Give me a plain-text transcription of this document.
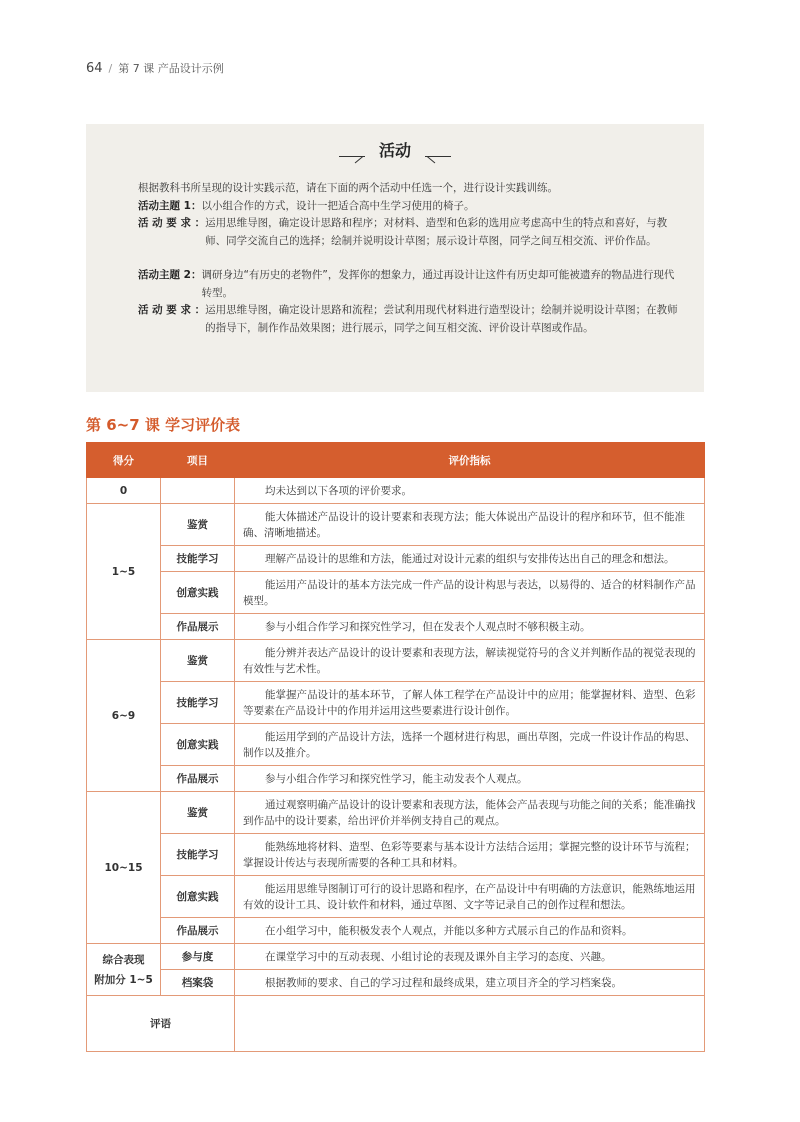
64 / 第 7 课 产品设计示例
活动
根据教科书所呈现的设计实践示范，请在下面的两个活动中任选一个，进行设计实践训练。
活动主题 1： 以小组合作的方式，设计一把适合高中生学习使用的椅子。
活 动 要 求 ： 运用思维导图，确定设计思路和程序；对材料、造型和色彩的选用应考虑高中生的特点和喜好，与教师、同学交流自己的选择；绘制并说明设计草图；展示设计草图，同学之间互相交流、评价作品。
活动主题 2： 调研身边“有历史的老物件”，发挥你的想象力，通过再设计让这件有历史却可能被遗弃的物品进行现代转型。
活 动 要 求 ： 运用思维导图，确定设计思路和流程；尝试利用现代材料进行造型设计；绘制并说明设计草图；在教师的指导下，制作作品效果图；进行展示，同学之间互相交流、评价设计草图或作品。
第 6~7 课 学习评价表
得分	项目	评价指标
0		均未达到以下各项的评价要求。
1~5	鉴赏	能大体描述产品设计的设计要素和表现方法；能大体说出产品设计的程序和环节，但不能准确、清晰地描述。
	技能学习	理解产品设计的思维和方法，能通过对设计元素的组织与安排传达出自己的理念和想法。
	创意实践	能运用产品设计的基本方法完成一件产品的设计构思与表达，以易得的、适合的材料制作产品模型。
	作品展示	参与小组合作学习和探究性学习，但在发表个人观点时不够积极主动。
6~9	鉴赏	能分辨并表达产品设计的设计要素和表现方法，解读视觉符号的含义并判断作品的视觉表现的有效性与艺术性。
	技能学习	能掌握产品设计的基本环节，了解人体工程学在产品设计中的应用；能掌握材料、造型、色彩等要素在产品设计中的作用并运用这些要素进行设计创作。
	创意实践	能运用学到的产品设计方法，选择一个题材进行构思，画出草图，完成一件设计作品的构思、制作以及推介。
	作品展示	参与小组合作学习和探究性学习，能主动发表个人观点。
10~15	鉴赏	通过观察明确产品设计的设计要素和表现方法，能体会产品表现与功能之间的关系；能准确找到作品中的设计要素，给出评价并举例支持自己的观点。
	技能学习	能熟练地将材料、造型、色彩等要素与基本设计方法结合运用；掌握完整的设计环节与流程；掌握设计传达与表现所需要的各种工具和材料。
	创意实践	能运用思维导图制订可行的设计思路和程序，在产品设计中有明确的方法意识，能熟练地运用有效的设计工具、设计软件和材料，通过草图、文字等记录自己的创作过程和想法。
	作品展示	在小组学习中，能积极发表个人观点，并能以多种方式展示自己的作品和资料。
综合表现
附加分 1~5	参与度	在课堂学习中的互动表现、小组讨论的表现及课外自主学习的态度、兴趣。
	档案袋	根据教师的要求、自己的学习过程和最终成果，建立项目齐全的学习档案袋。
评语		
